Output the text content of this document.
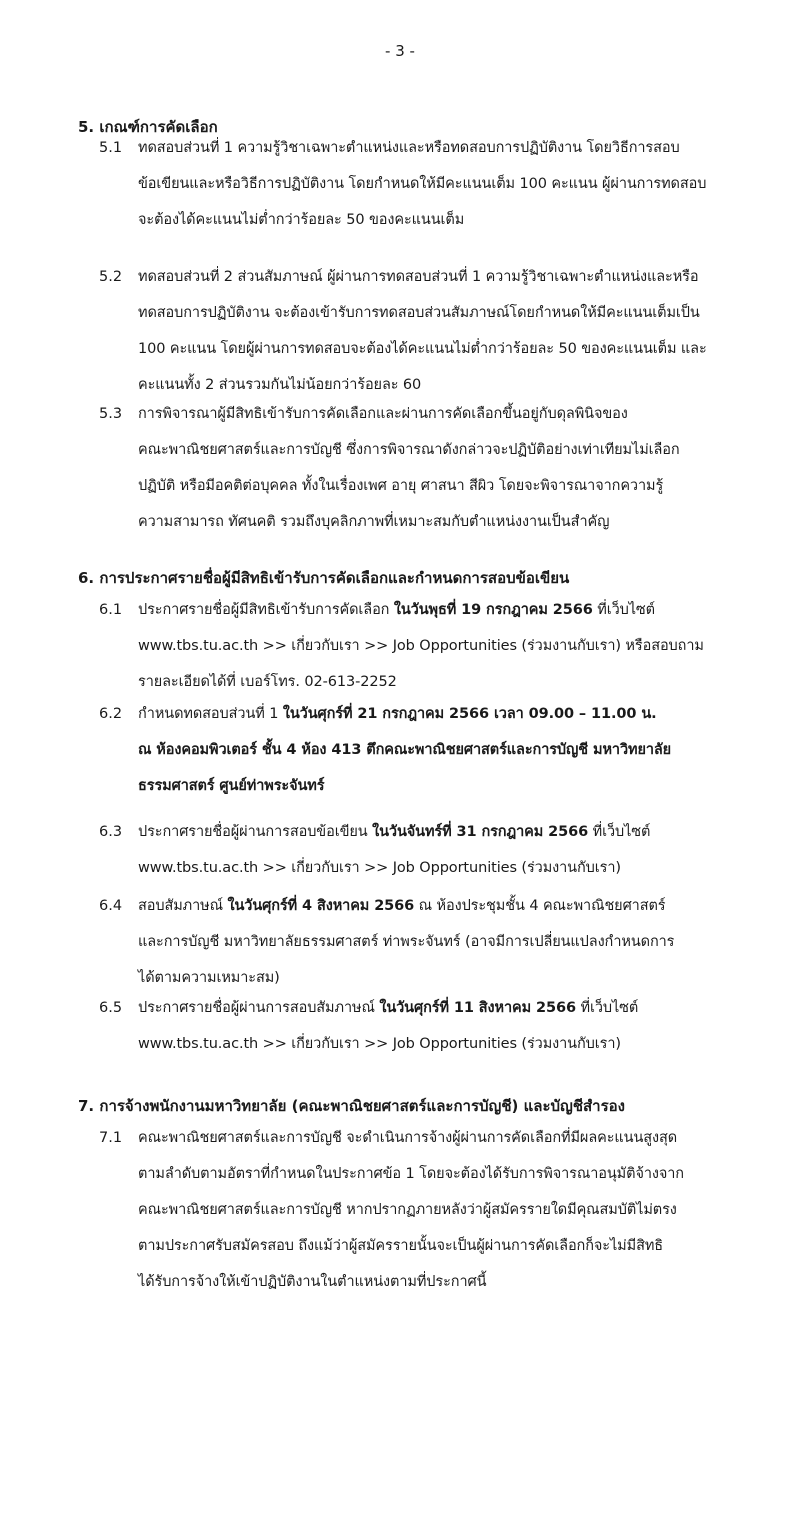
- 3 -
5. เกณฑ์การคัดเลือก
5.1 ทดสอบส่วนที่ 1 ความรู้วิชาเฉพาะตำแหน่งและหรือทดสอบการปฏิบัติงาน โดยวิธีการสอบ
ข้อเขียนและหรือวิธีการปฏิบัติงาน โดยกำหนดให้มีคะแนนเต็ม 100 คะแนน ผู้ผ่านการทดสอบ
จะต้องได้คะแนนไม่ต่ำกว่าร้อยละ 50 ของคะแนนเต็ม
5.2 ทดสอบส่วนที่ 2 ส่วนสัมภาษณ์ ผู้ผ่านการทดสอบส่วนที่ 1 ความรู้วิชาเฉพาะตำแหน่งและหรือ
ทดสอบการปฏิบัติงาน จะต้องเข้ารับการทดสอบส่วนสัมภาษณ์โดยกำหนดให้มีคะแนนเต็มเป็น
100 คะแนน โดยผู้ผ่านการทดสอบจะต้องได้คะแนนไม่ต่ำกว่าร้อยละ 50 ของคะแนนเต็ม และ
คะแนนทั้ง 2 ส่วนรวมกันไม่น้อยกว่าร้อยละ 60
5.3 การพิจารณาผู้มีสิทธิเข้ารับการคัดเลือกและผ่านการคัดเลือกขึ้นอยู่กับดุลพินิจของ
คณะพาณิชยศาสตร์และการบัญชี ซึ่งการพิจารณาดังกล่าวจะปฏิบัติอย่างเท่าเทียมไม่เลือก
ปฏิบัติ หรือมีอคติต่อบุคคล ทั้งในเรื่องเพศ อายุ ศาสนา สีผิว โดยจะพิจารณาจากความรู้
ความสามารถ ทัศนคติ รวมถึงบุคลิกภาพที่เหมาะสมกับตำแหน่งงานเป็นสำคัญ
6. การประกาศรายชื่อผู้มีสิทธิเข้ารับการคัดเลือกและกำหนดการสอบข้อเขียน
6.1 ประกาศรายชื่อผู้มีสิทธิเข้ารับการคัดเลือก ในวันพุธที่ 19 กรกฎาคม 2566 ที่เว็บไซต์
www.tbs.tu.ac.th >> เกี่ยวกับเรา >> Job Opportunities (ร่วมงานกับเรา) หรือสอบถาม
รายละเอียดได้ที่ เบอร์โทร. 02-613-2252
6.2 กำหนดทดสอบส่วนที่ 1 ในวันศุกร์ที่ 21 กรกฎาคม 2566 เวลา 09.00 – 11.00 น.
ณ ห้องคอมพิวเตอร์ ชั้น 4 ห้อง 413 ตึกคณะพาณิชยศาสตร์และการบัญชี มหาวิทยาลัย
ธรรมศาสตร์ ศูนย์ท่าพระจันทร์
6.3 ประกาศรายชื่อผู้ผ่านการสอบข้อเขียน ในวันจันทร์ที่ 31 กรกฎาคม 2566 ที่เว็บไซต์
www.tbs.tu.ac.th >> เกี่ยวกับเรา >> Job Opportunities (ร่วมงานกับเรา)
6.4 สอบสัมภาษณ์ ในวันศุกร์ที่ 4 สิงหาคม 2566 ณ ห้องประชุมชั้น 4 คณะพาณิชยศาสตร์
และการบัญชี มหาวิทยาลัยธรรมศาสตร์ ท่าพระจันทร์ (อาจมีการเปลี่ยนแปลงกำหนดการ
ได้ตามความเหมาะสม)
6.5 ประกาศรายชื่อผู้ผ่านการสอบสัมภาษณ์ ในวันศุกร์ที่ 11 สิงหาคม 2566 ที่เว็บไซต์
www.tbs.tu.ac.th >> เกี่ยวกับเรา >> Job Opportunities (ร่วมงานกับเรา)
7. การจ้างพนักงานมหาวิทยาลัย (คณะพาณิชยศาสตร์และการบัญชี) และบัญชีสำรอง
7.1 คณะพาณิชยศาสตร์และการบัญชี จะดำเนินการจ้างผู้ผ่านการคัดเลือกที่มีผลคะแนนสูงสุด
ตามลำดับตามอัตราที่กำหนดในประกาศข้อ 1 โดยจะต้องได้รับการพิจารณาอนุมัติจ้างจาก
คณะพาณิชยศาสตร์และการบัญชี หากปรากฏภายหลังว่าผู้สมัครรายใดมีคุณสมบัติไม่ตรง
ตามประกาศรับสมัครสอบ ถึงแม้ว่าผู้สมัครรายนั้นจะเป็นผู้ผ่านการคัดเลือกก็จะไม่มีสิทธิ
ได้รับการจ้างให้เข้าปฏิบัติงานในตำแหน่งตามที่ประกาศนี้
